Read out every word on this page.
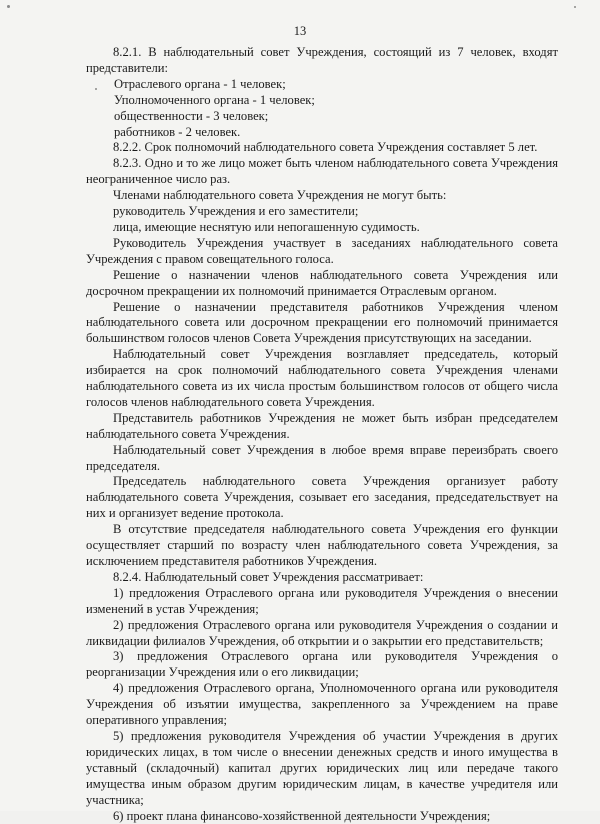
13

8.2.1. В наблюдательный совет Учреждения, состоящий из 7 человек, входят представители:

Отраслевого органа - 1 человек;

Уполномоченного органа - 1 человек;

общественности - 3 человек;

работников - 2 человек.

8.2.2. Срок полномочий наблюдательного совета Учреждения составляет 5 лет.

8.2.3. Одно и то же лицо может быть членом наблюдательного совета Учреждения неограниченное число раз.

Членами наблюдательного совета Учреждения не могут быть:

руководитель Учреждения и его заместители;

лица, имеющие неснятую или непогашенную судимость.

Руководитель Учреждения участвует в заседаниях наблюдательного совета Учреждения с правом совещательного голоса.

Решение о назначении членов наблюдательного совета Учреждения или досрочном прекращении их полномочий принимается Отраслевым органом.

Решение о назначении представителя работников Учреждения членом наблюдательного совета или досрочном прекращении его полномочий принимается большинством голосов членов Совета Учреждения присутствующих на заседании.

Наблюдательный совет Учреждения возглавляет председатель, который избирается на срок полномочий наблюдательного совета Учреждения членами наблюдательного совета из их числа простым большинством голосов от общего числа голосов членов наблюдательного совета Учреждения.

Представитель работников Учреждения не может быть избран председателем наблюдательного совета Учреждения.

Наблюдательный совет Учреждения в любое время вправе переизбрать своего председателя.

Председатель наблюдательного совета Учреждения организует работу наблюдательного совета Учреждения, созывает его заседания, председательствует на них и организует ведение протокола.

В отсутствие председателя наблюдательного совета Учреждения его функции осуществляет старший по возрасту член наблюдательного совета Учреждения, за исключением представителя работников Учреждения.

8.2.4. Наблюдательный совет Учреждения рассматривает:

1) предложения Отраслевого органа или руководителя Учреждения о внесении изменений в устав Учреждения;

2) предложения Отраслевого органа или руководителя Учреждения о создании и ликвидации филиалов Учреждения, об открытии и о закрытии его представительств;

3) предложения Отраслевого органа или руководителя Учреждения о реорганизации Учреждения или о его ликвидации;

4) предложения Отраслевого органа, Уполномоченного органа или руководителя Учреждения об изъятии имущества, закрепленного за Учреждением на праве оперативного управления;

5) предложения руководителя Учреждения об участии Учреждения в других юридических лицах, в том числе о внесении денежных средств и иного имущества в уставный (складочный) капитал других юридических лиц или передаче такого имущества иным образом другим юридическим лицам, в качестве учредителя или участника;

6) проект плана финансово-хозяйственной деятельности Учреждения;
